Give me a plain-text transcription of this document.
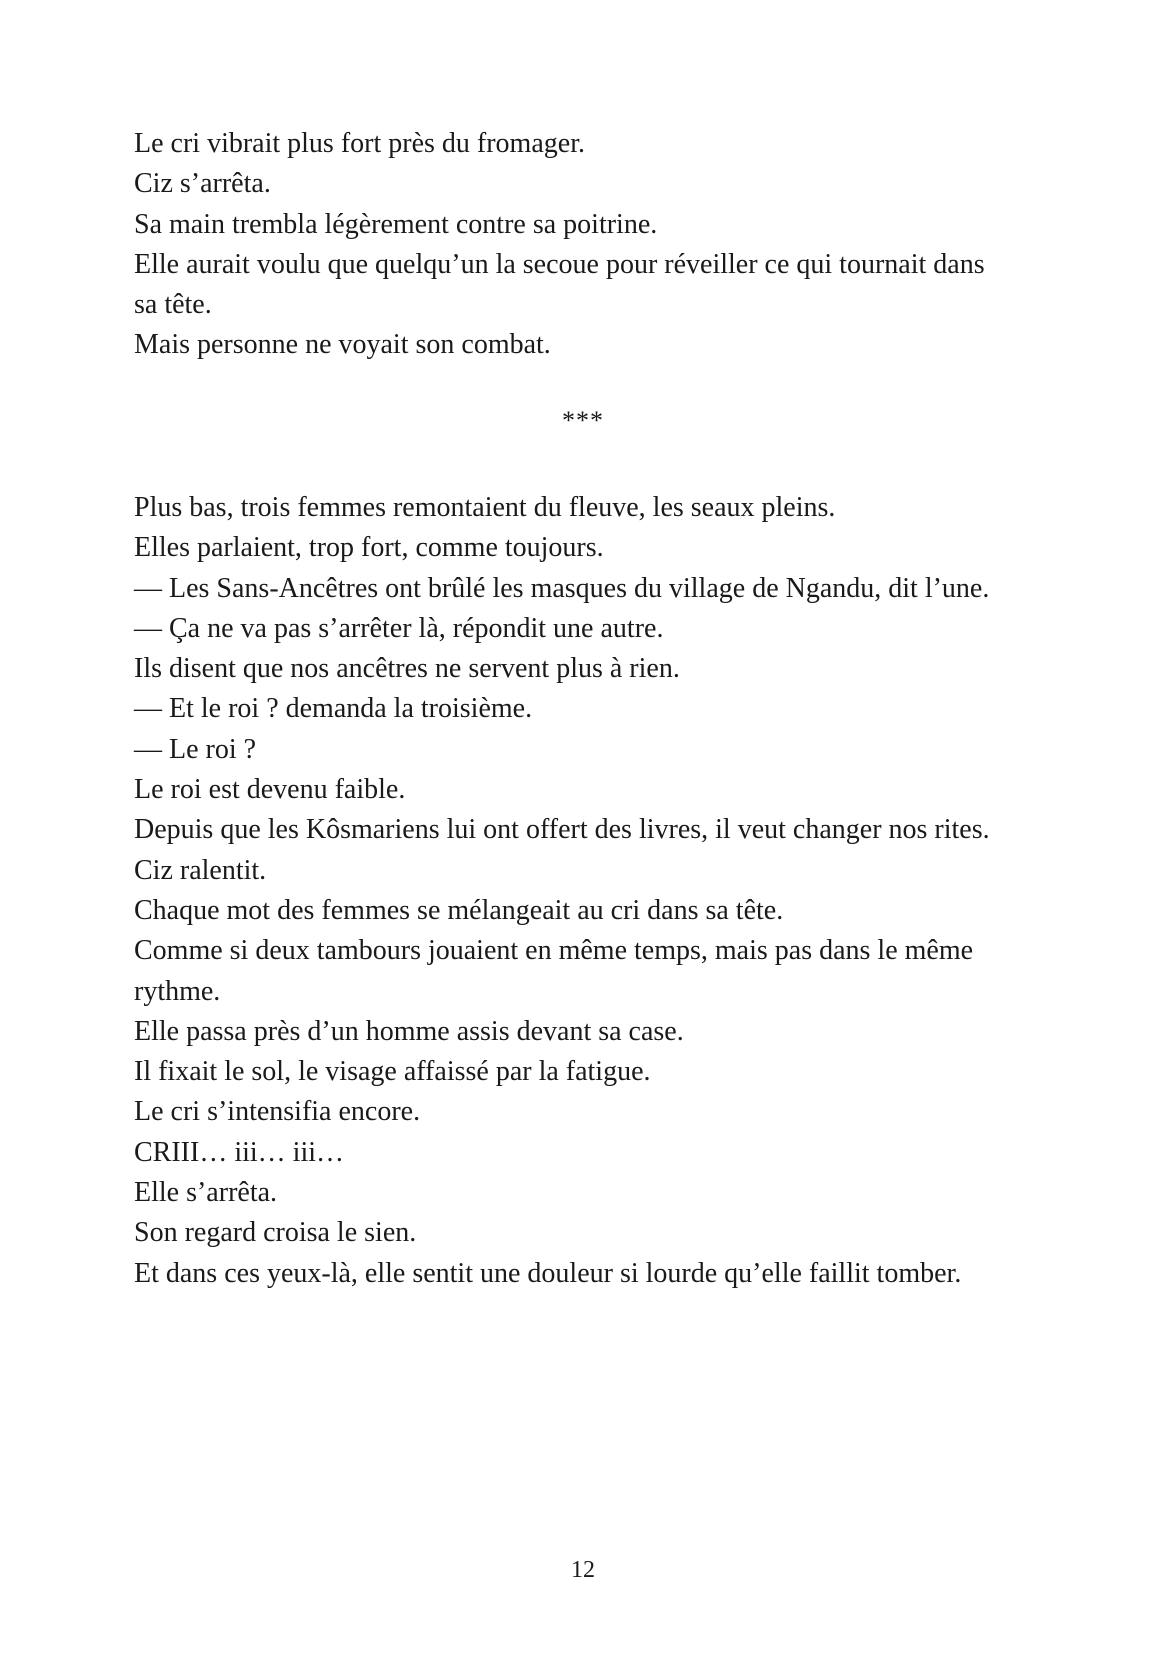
Le cri vibrait plus fort près du fromager.

Ciz s’arrêta.

Sa main trembla légèrement contre sa poitrine.

Elle aurait voulu que quelqu’un la secoue pour réveiller ce qui tournait dans sa tête.

Mais personne ne voyait son combat.

***

Plus bas, trois femmes remontaient du fleuve, les seaux pleins.

Elles parlaient, trop fort, comme toujours.

— Les Sans-Ancêtres ont brûlé les masques du village de Ngandu, dit l’une.

— Ça ne va pas s’arrêter là, répondit une autre.

Ils disent que nos ancêtres ne servent plus à rien.

— Et le roi ? demanda la troisième.

— Le roi ?

Le roi est devenu faible.

Depuis que les Kôsmariens lui ont offert des livres, il veut changer nos rites.

Ciz ralentit.

Chaque mot des femmes se mélangeait au cri dans sa tête.

Comme si deux tambours jouaient en même temps, mais pas dans le même rythme.

Elle passa près d’un homme assis devant sa case.

Il fixait le sol, le visage affaissé par la fatigue.

Le cri s’intensifia encore.

CRIII… iii… iii…

Elle s’arrêta.

Son regard croisa le sien.

Et dans ces yeux-là, elle sentit une douleur si lourde qu’elle faillit tomber.

12
